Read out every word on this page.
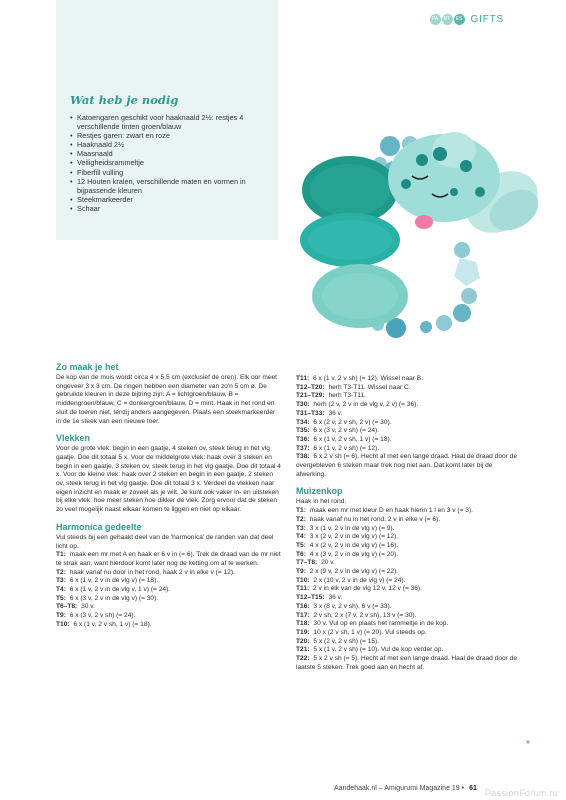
PA	RT	ES GIFTS
Wat heb je nodig
• Katoengaren geschikt voor haaknaald 2½: restjes 4 verschillende tinten groen/blauw
• Restjes garen: zwart en roze
• Haaknaald 2½
• Maasnaald
• Veiligheidsrammeltje
• Fiberfill vulling
• 12 Houten kralen, verschillende maten en vormen in bijpassende kleuren
• Steekmarkeerder
• Schaar
Zo maak je het

De kop van de muis wordt circa 4 x 5,5 cm (exclusief de oren). Elk oor meet ongeveer 3 x 3 cm. De ringen hebben een diameter van zo'n 5 cm ø. De gebruikte kleuren in deze bijtring zijn: A = lichtgroen/blauw, B = middengroen/blauw, C = donkergroen/blauw, D = mint. Haak in het rond en sluit de toeren niet, tenzij anders aangegeven. Plaats een steekmarkeerder in de 1e steek van een nieuwe toer.

Vlekken

Voor de grote vlek: begin in een gaatje, 4 steken ov, steek terug in het vlg gaatje. Doe dit totaal 5 x. Voor de middelgrote vlek: haak over 3 steken en begin in een gaatje, 3 steken ov, steek terug in het vlg gaatje. Doe dit totaal 4 x. Voor de kleine vlek: haak over 2 steken en begin in een gaatje, 2 steken ov, steek terug in het vlg gaatje. Doe dit totaal 3 x. Verdeel de vlekken naar eigen inzicht en maak er zoveel als je wilt. Je kunt ook vaker in- en uitsteken bij elke vlek: hoe meer steken hoe dikker de vlek. Zorg ervoor dat de steken zo veel mogelijk naast elkaar komen te liggen en niet op elkaar.

Harmonica gedeelte

Vul steeds bij een gehaakt deel van de 'harmonica' de randen van dat deel licht op.

T1: maak een mr met A en haak er 6 v in (= 6). Trek de draad van de mr niet te strak aan, want hierdoor komt later nog de ketting om af te werken.

T2: haak vanaf nu door in het rond, haak 2 v in elke v (= 12).

T3: 6 x (1 v, 2 v in de vlg v) (= 18).

T4: 6 x (1 v, 2 v in de vlg v, 1 v) (= 24).

T5: 6 x (3 v, 2 v in de vlg v) (= 30).

T6–T8: 30 v.

T9: 6 x (3 v, 2 v sh) (= 24).

T10: 6 x (1 v, 2 v sh, 1 v) (= 18).

T11: 6 x (1 v, 2 v sh) (= 12). Wissel naar B.

T12–T20: herh T3-T11. Wissel naar C.

T21–T29: herh T3-T11.

T30: herh (2 v, 2 v in de vlg v, 2 v) (= 36).

T31–T33: 36 v.

T34: 6 x (2 v, 2 v sh, 2 v) (= 30).

T35: 6 x (3 v, 2 v sh) (= 24).

T36: 6 x (1 v, 2 v sh, 1 v) (= 18).

T37: 6 x (1 v, 2 v sh) (= 12).

T38: 6 x 2 v sh (= 6). Hecht af met een lange draad. Haal de draad door de overgebleven 6 steken maar trek nog niet aan. Dat komt later bij de afwerking.

Muizenkop

Haak in het rond.

T1: maak een mr met kleur D en haak hierin 1 l en 3 v (= 3).

T2: haak vanaf nu in het rond, 2 v in elke v (= 6).

T3: 3 x (1 v, 2 v in de vlg v) (= 9).

T4: 3 x (2 v, 2 v in de vlg v) (= 12).

T5: 4 x (2 v, 2 v in de vlg v) (= 16).

T6: 4 x (3 v, 2 v in de vlg v) (= 20).

T7–T8: 20 v.

T9: 2 x (9 v, 2 v in de vlg v) (= 22).

T10: 2 x (10 v, 2 v in de vlg v) (= 24).

T11: 2 v in elk van de vlg 12 v, 12 v (= 36).

T12–T15: 36 v.

T16: 3 x (8 v, 2 v sh), 6 v (= 33).

T17: 2 v sh, 2 x (7 v, 2 v sh), 13 v (= 30).

T18: 30 v. Vul op en plaats het rammeltje in de kop.

T19: 10 x (2 v sh, 1 v) (= 20). Vul steeds op.

T20: 5 x (2 v, 2 v sh) (= 15).

T21: 5 x (1 v, 2 v sh) (= 10). Vul de kop verder op.

T22: 5 x 2 v sh (= 5). Hecht af met een lange draad. Haal de draad door de laatste 5 steken. Trek goed aan en hecht af.

»
Aandehaak.nl – Amigurumi Magazine 19 • 61 PassionForum.ru
